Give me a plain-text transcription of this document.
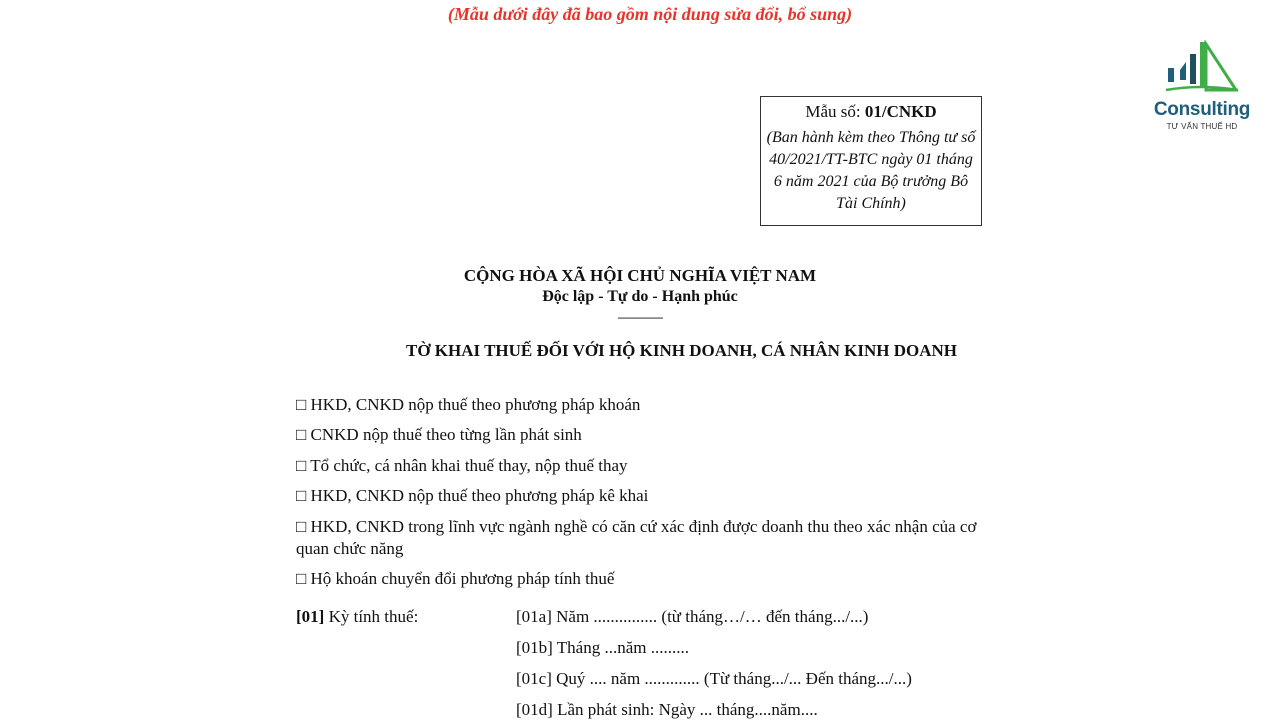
(Mẫu dưới đây đã bao gồm nội dung sửa đổi, bổ sung)
Mẫu số: 01/CNKD
(Ban hành kèm theo Thông tư số 40/2021/TT-BTC ngày 01 tháng 6 năm 2021 của Bộ trưởng Bô Tài Chính)
Consulting
TƯ VẤN THUẾ HD
CỘNG HÒA XÃ HỘI CHỦ NGHĨA VIỆT NAM
Độc lập - Tự do - Hạnh phúc
---------------
TỜ KHAI THUẾ ĐỐI VỚI HỘ KINH DOANH, CÁ NHÂN KINH DOANH
□ HKD, CNKD nộp thuế theo phương pháp khoán
□ CNKD nộp thuế theo từng lần phát sinh
□ Tổ chức, cá nhân khai thuế thay, nộp thuế thay
□ HKD, CNKD nộp thuế theo phương pháp kê khai
□ HKD, CNKD trong lĩnh vực ngành nghề có căn cứ xác định được doanh thu theo xác nhận của cơ quan chức năng
□ Hộ khoán chuyển đổi phương pháp tính thuế
[01] Kỳ tính thuế:	[01a] Năm ............... (từ tháng…/… đến tháng.../...)
[01b] Tháng ...năm .........
[01c] Quý .... năm ............. (Từ tháng.../... Đến tháng.../...)
[01d] Lần phát sinh: Ngày ... tháng....năm....
